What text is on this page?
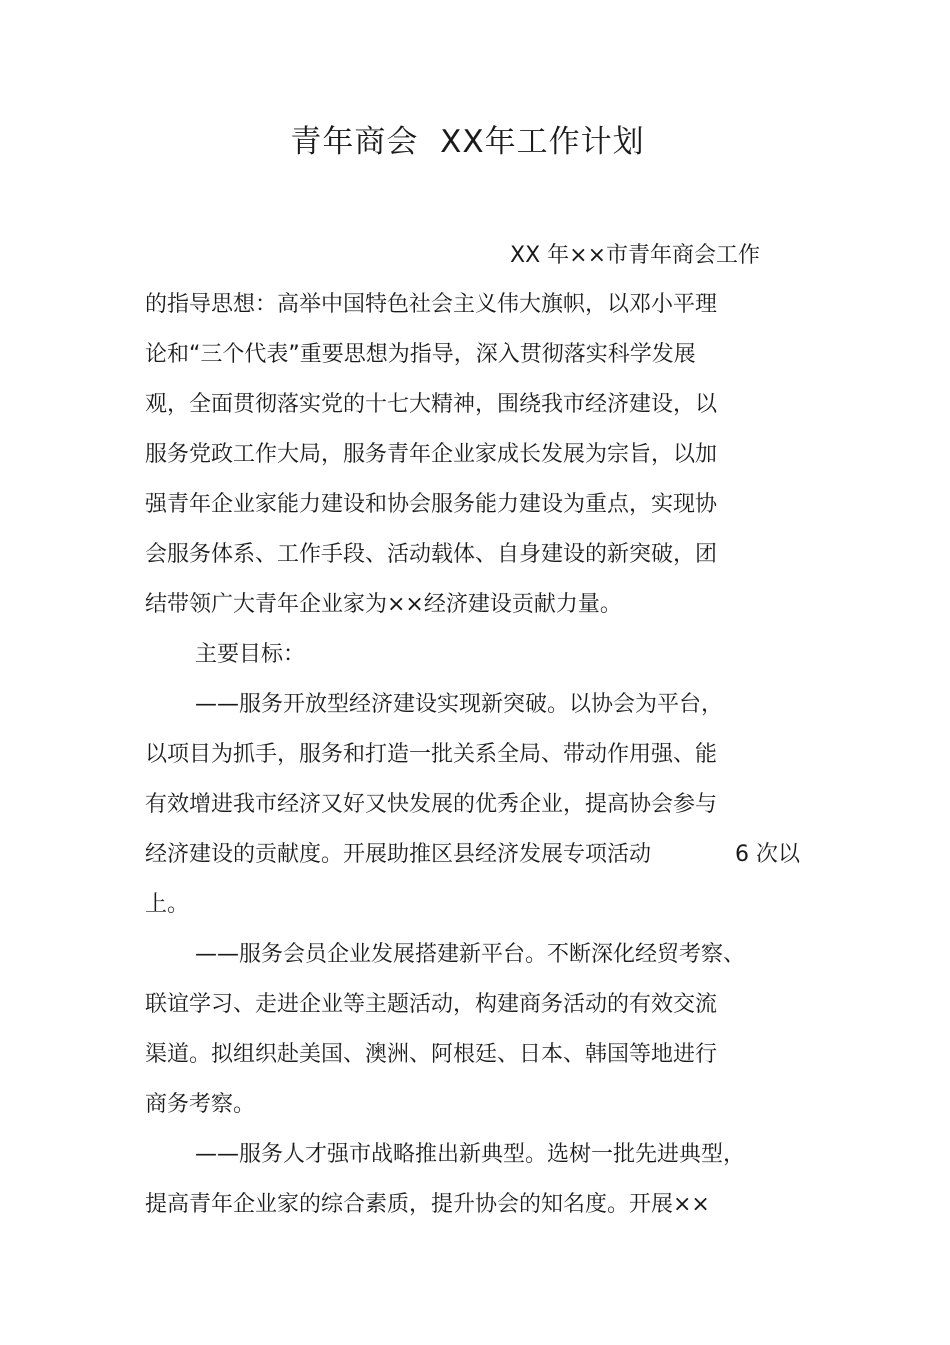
青年商会  XX年工作计划
XX 年××市青年商会工作
的指导思想：高举中国特色社会主义伟大旗帜，以邓小平理
论和“三个代表”重要思想为指导，深入贯彻落实科学发展
观，全面贯彻落实党的十七大精神，围绕我市经济建设，以
服务党政工作大局，服务青年企业家成长发展为宗旨，以加
强青年企业家能力建设和协会服务能力建设为重点，实现协
会服务体系、工作手段、活动载体、自身建设的新突破，团
结带领广大青年企业家为××经济建设贡献力量。
主要目标：
——服务开放型经济建设实现新突破。以协会为平台，
以项目为抓手，服务和打造一批关系全局、带动作用强、能
有效增进我市经济又好又快发展的优秀企业，提高协会参与
经济建设的贡献度。开展助推区县经济发展专项活动	6 次以
上。
——服务会员企业发展搭建新平台。不断深化经贸考察、
联谊学习、走进企业等主题活动，构建商务活动的有效交流
渠道。拟组织赴美国、澳洲、阿根廷、日本、韩国等地进行
商务考察。
——服务人才强市战略推出新典型。选树一批先进典型，
提高青年企业家的综合素质，提升协会的知名度。开展××
